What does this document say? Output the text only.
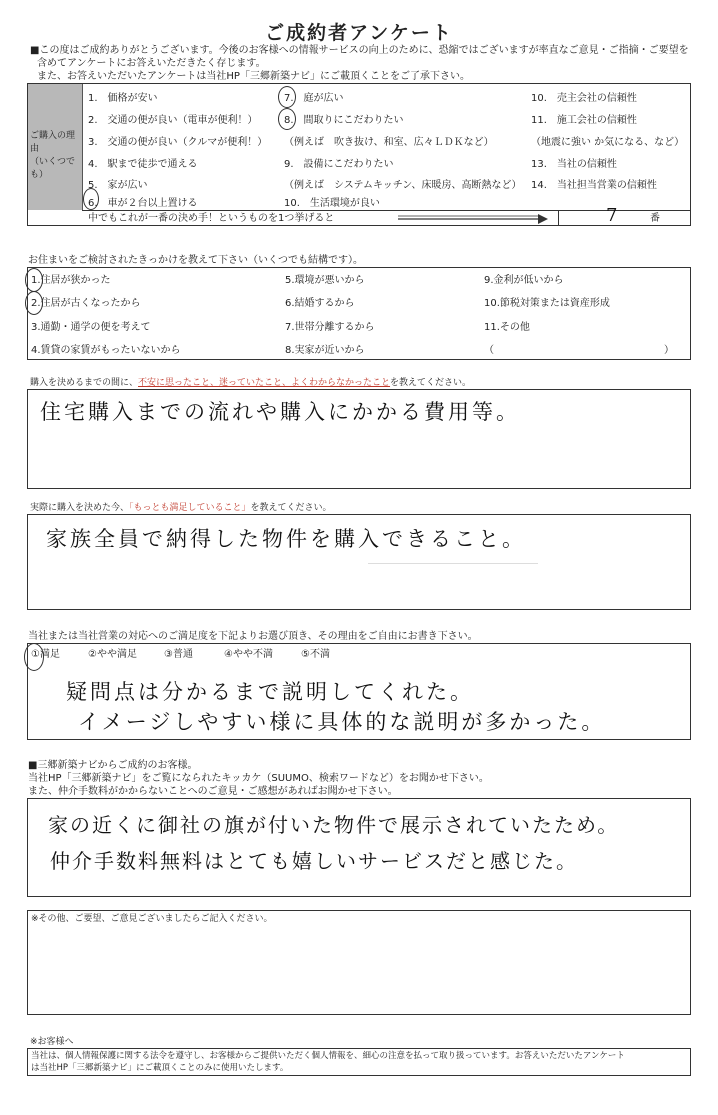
ご成約者アンケート
■この度はご成約ありがとうございます。今後のお客様への情報サービスの向上のために、恐縮ではございますが率直なご意見・ご指摘・ご要望を
含めてアンケートにお答えいただきたく存じます。
また、お答えいただいたアンケートは当社HP「三郷新築ナビ」にご載頂くことをご了承下さい。
ご購入の理
由
（いくつで
も）
1.　価格が安い
2.　交通の便が良い（電車が便利！）
3.　交通の便が良い（クルマが便利！）
4.　駅まで徒歩で通える
5.　家が広い
6.　車が２台以上置ける
7.　庭が広い
8.　間取りにこだわりたい
（例えば　吹き抜け、和室、広々ＬＤＫなど）
9.　設備にこだわりたい
（例えば　システムキッチン、床暖房、高断熱など）
10.　生活環境が良い
10.　売主会社の信頼性
11.　施工会社の信頼性
（地震に強い か気になる、など）
13.　当社の信頼性
14.　当社担当営業の信頼性
中でもこれが一番の決め手！というものを1つ挙げると	7	番
お住まいをご検討されたきっかけを教えて下さい（いくつでも結構です）。
1.住居が狭かった
2.住居が古くなったから
3.通勤・通学の便を考えて
4.賃貸の家賃がもったいないから
5.環境が悪いから
6.結婚するから
7.世帯分離するから
8.実家が近いから
9.金利が低いから
10.節税対策または資産形成
11.その他
（　　　　　　　　　　　　　　　　　）
購入を決めるまでの間に、不安に思ったこと、迷っていたこと、よくわからなかったことを教えてください。
住宅購入までの流れや購入にかかる費用等。
実際に購入を決めた今、「もっとも満足していること」を教えてください。
家族全員で納得した物件を購入できること。
当社または当社営業の対応へのご満足度を下記よりお選び頂き、その理由をご自由にお書き下さい。
①満足	②やや満足	③普通	④やや不満	⑤不満
疑問点は分かるまで説明してくれた。
イメージしやすい様に具体的な説明が多かった。
■三郷新築ナビからご成約のお客様。
当社HP「三郷新築ナビ」をご覧になられたキッカケ（SUUMO、検索ワードなど）をお聞かせ下さい。
また、仲介手数料がかからないことへのご意見・ご感想があればお聞かせ下さい。
家の近くに御社の旗が付いた物件で展示されていたため。
仲介手数料無料はとても嬉しいサービスだと感じた。
※その他、ご要望、ご意見ございましたらご記入ください。
※お客様へ
当社は、個人情報保護に関する法令を遵守し、お客様からご提供いただく個人情報を、細心の注意を払って取り扱っています。お答えいただいたアンケート
は当社HP「三郷新築ナビ」にご載頂くことのみに使用いたします。
